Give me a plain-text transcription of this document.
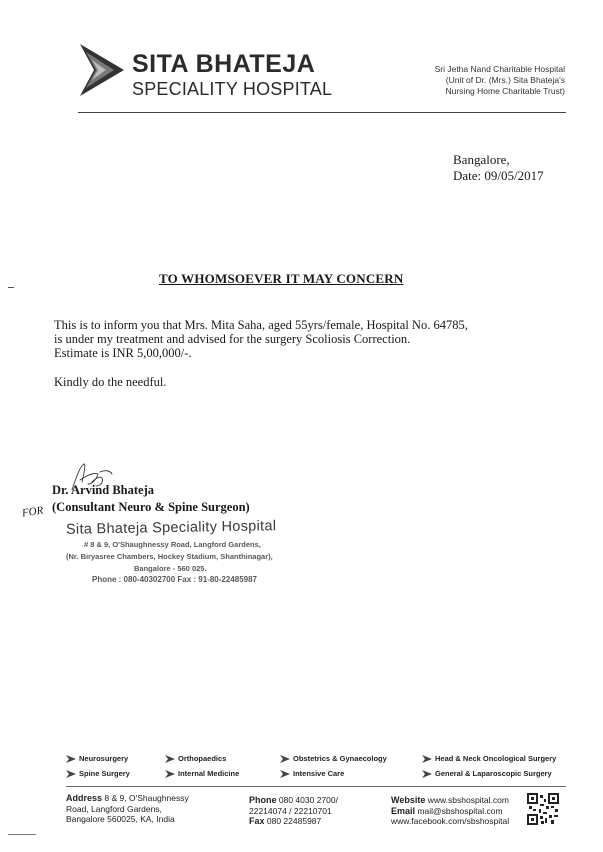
SITA BHATEJA
SPECIALITY HOSPITAL
Sri Jetha Nand Charitable Hospital
(Unit of Dr. (Mrs.) Sita Bhateja's
Nursing Home Charitable Trust)
Bangalore,
Date: 09/05/2017
TO WHOMSOEVER IT MAY CONCERN
This is to inform you that Mrs. Mita Saha, aged 55yrs/female, Hospital No. 64785,
is under my treatment and advised for the surgery Scoliosis Correction.
Estimate is INR 5,00,000/-.
Kindly do the needful.
Dr. Arvind Bhateja
(Consultant Neuro & Spine Surgeon)
FOR
Sita Bhateja Speciality Hospital
# 8 & 9, O'Shaughnessy Road, Langford Gardens,
(Nr. Biryasree Chambers, Hockey Stadium, Shanthinagar),
Bangalore - 560 025.
Phone : 080-40302700 Fax : 91-80-22485987
Neurosurgery	Orthopaedics	Obstetrics & Gynaecology	Head & Neck Oncological Surgery
Spine Surgery	Internal Medicine	Intensive Care	General & Laparoscopic Surgery
Address 8 & 9, O'Shaughnessy
Road, Langford Gardens,
Bangalore 560025, KA, India
Phone 080 4030 2700/
22214074 / 22210701
Fax 080 22485987
Website www.sbshospital.com
Email mail@sbshospital.com
www.facebook.com/sbshospital
